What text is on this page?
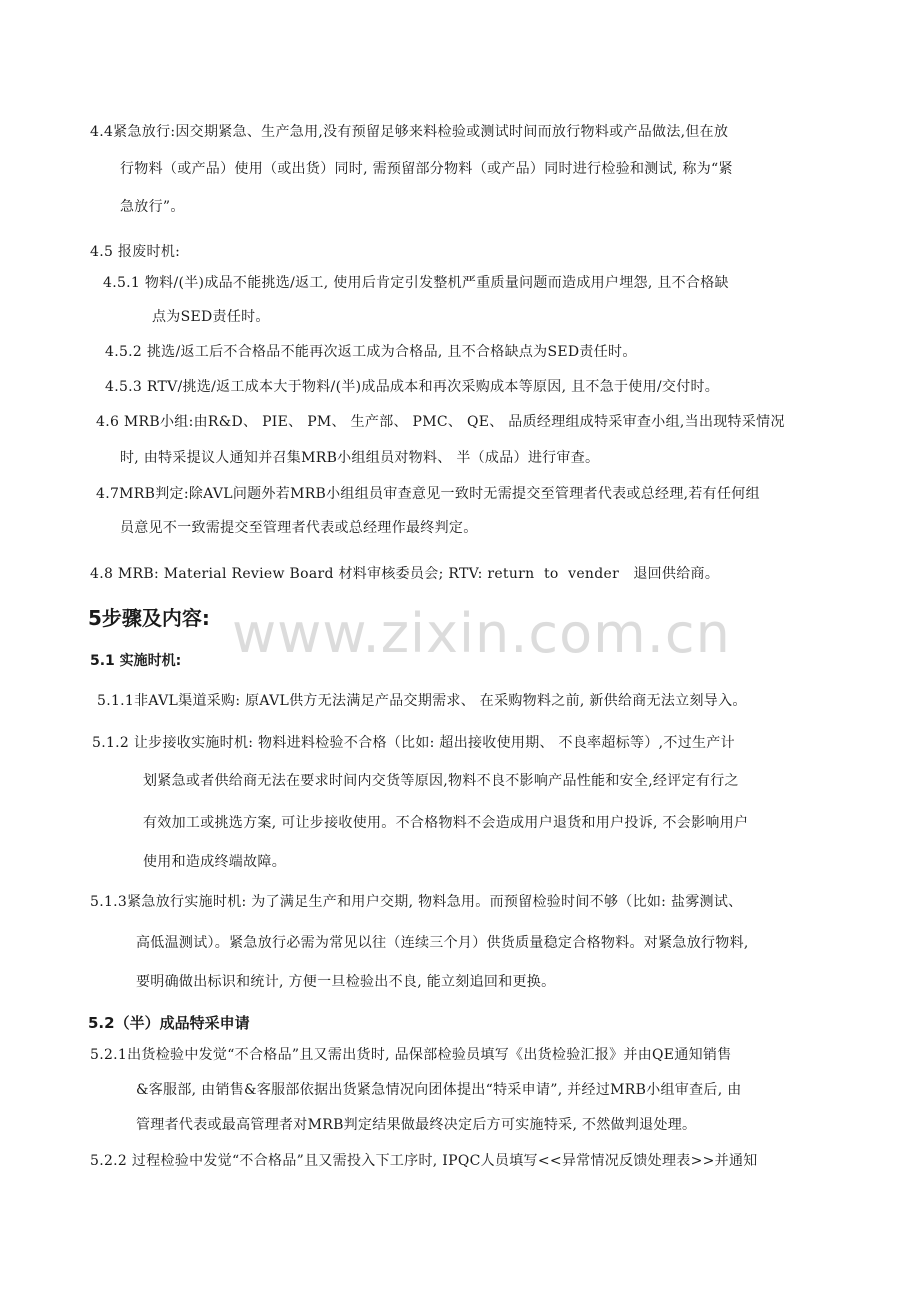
www.zixin.com.cn
4.4紧急放行:因交期紧急、生产急用,没有预留足够来料检验或测试时间而放行物料或产品做法,但在放
行物料（或产品）使用（或出货）同时, 需预留部分物料（或产品）同时进行检验和测试, 称为“紧
急放行”。
4.5 报废时机:
4.5.1 物料/(半)成品不能挑选/返工, 使用后肯定引发整机严重质量问题而造成用户埋怨, 且不合格缺
点为SED责任时。
4.5.2 挑选/返工后不合格品不能再次返工成为合格品, 且不合格缺点为SED责任时。
4.5.3 RTV/挑选/返工成本大于物料/(半)成品成本和再次采购成本等原因, 且不急于使用/交付时。
4.6 MRB小组:由R&D、 PIE、 PM、 生产部、 PMC、 QE、 品质经理组成特采审查小组,当出现特采情况
时, 由特采提议人通知并召集MRB小组组员对物料、 半（成品）进行审查。
4.7MRB判定:除AVL问题外若MRB小组组员审查意见一致时无需提交至管理者代表或总经理,若有任何组
员意见不一致需提交至管理者代表或总经理作最终判定。
4.8 MRB: Material Review Board 材料审核委员会; RTV: return  to  vender   退回供给商。
5步骤及内容:
5.1 实施时机:
5.1.1非AVL渠道采购: 原AVL供方无法满足产品交期需求、 在采购物料之前, 新供给商无法立刻导入。
5.1.2 让步接收实施时机: 物料进料检验不合格（比如: 超出接收使用期、 不良率超标等）,不过生产计
划紧急或者供给商无法在要求时间内交货等原因,物料不良不影响产品性能和安全,经评定有行之
有效加工或挑选方案, 可让步接收使用。不合格物料不会造成用户退货和用户投诉, 不会影响用户
使用和造成终端故障。
5.1.3紧急放行实施时机: 为了满足生产和用户交期, 物料急用。而预留检验时间不够（比如: 盐雾测试、
高低温测试）。紧急放行必需为常见以往（连续三个月）供货质量稳定合格物料。对紧急放行物料,
要明确做出标识和统计, 方便一旦检验出不良, 能立刻追回和更换。
5.2（半）成品特采申请
5.2.1出货检验中发觉“不合格品”且又需出货时, 品保部检验员填写《出货检验汇报》并由QE通知销售
&客服部, 由销售&客服部依据出货紧急情况向团体提出“特采申请”, 并经过MRB小组审查后, 由
管理者代表或最高管理者对MRB判定结果做最终决定后方可实施特采, 不然做判退处理。
5.2.2 过程检验中发觉“不合格品”且又需投入下工序时, IPQC人员填写<<异常情况反馈处理表>>并通知
